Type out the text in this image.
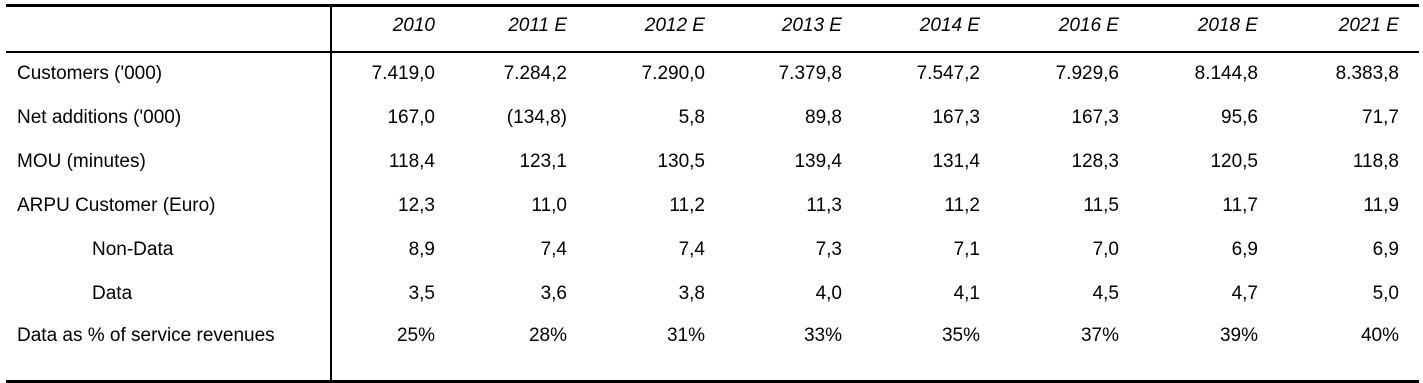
	2010	2011 E	2012 E	2013 E	2014 E	2016 E	2018 E	2021 E
Customers ('000)	7.419,0	7.284,2	7.290,0	7.379,8	7.547,2	7.929,6	8.144,8	8.383,8
Net additions ('000)	167,0	(134,8)	5,8	89,8	167,3	167,3	95,6	71,7
MOU (minutes)	118,4	123,1	130,5	139,4	131,4	128,3	120,5	118,8
ARPU Customer (Euro)	12,3	11,0	11,2	11,3	11,2	11,5	11,7	11,9
Non-Data	8,9	7,4	7,4	7,3	7,1	7,0	6,9	6,9
Data	3,5	3,6	3,8	4,0	4,1	4,5	4,7	5,0
Data as % of service revenues	25%	28%	31%	33%	35%	37%	39%	40%
